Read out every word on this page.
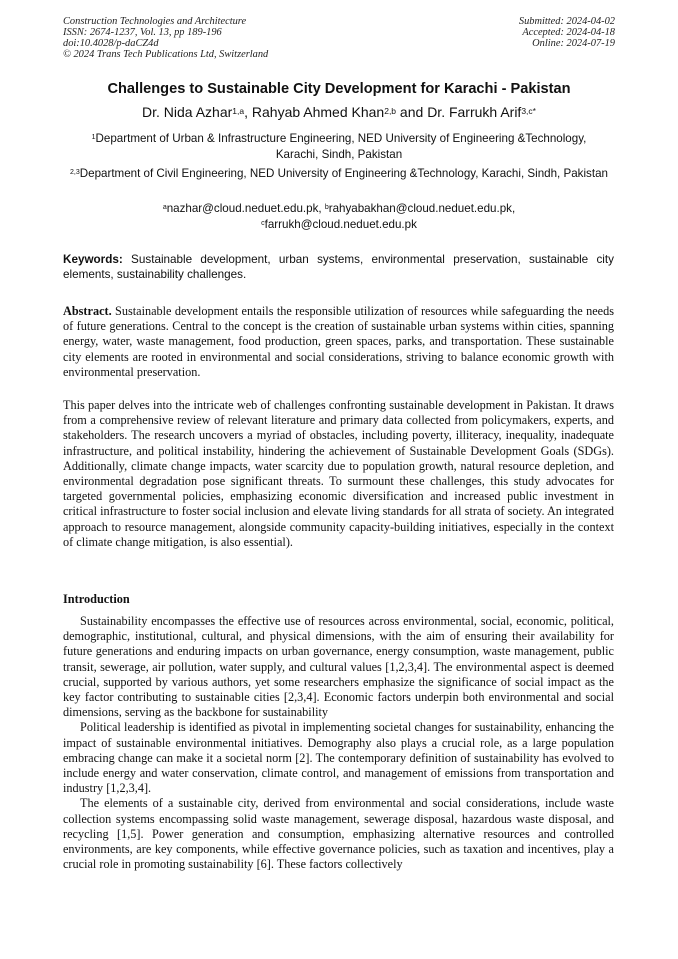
Construction Technologies and Architecture
ISSN: 2674-1237, Vol. 13, pp 189-196
doi:10.4028/p-daCZ4d
© 2024 Trans Tech Publications Ltd, Switzerland
Submitted: 2024-04-02
Accepted: 2024-04-18
Online: 2024-07-19
Challenges to Sustainable City Development for Karachi - Pakistan
Dr. Nida Azhar$^{1,a}$, Rahyab Ahmed Khan$^{2,b}$ and Dr. Farrukh Arif$^{3,c*}$
$^1$Department of Urban & Infrastructure Engineering, NED University of Engineering &Technology, Karachi, Sindh, Pakistan
$^{2,3}$Department of Civil Engineering, NED University of Engineering &Technology, Karachi, Sindh, Pakistan
$^a$nazhar@cloud.neduet.edu.pk, $^b$rahyabakhan@cloud.neduet.edu.pk,
$^c$farrukh@cloud.neduet.edu.pk
Keywords: Sustainable development, urban systems, environmental preservation, sustainable city elements, sustainability challenges.

Abstract. Sustainable development entails the responsible utilization of resources while safeguarding the needs of future generations. Central to the concept is the creation of sustainable urban systems within cities, spanning energy, water, waste management, food production, green spaces, parks, and transportation. These sustainable city elements are rooted in environmental and social considerations, striving to balance economic growth with environmental preservation.

This paper delves into the intricate web of challenges confronting sustainable development in Pakistan. It draws from a comprehensive review of relevant literature and primary data collected from policymakers, experts, and stakeholders. The research uncovers a myriad of obstacles, including poverty, illiteracy, inequality, inadequate infrastructure, and political instability, hindering the achievement of Sustainable Development Goals (SDGs). Additionally, climate change impacts, water scarcity due to population growth, natural resource depletion, and environmental degradation pose significant threats. To surmount these challenges, this study advocates for targeted governmental policies, emphasizing economic diversification and increased public investment in critical infrastructure to foster social inclusion and elevate living standards for all strata of society. An integrated approach to resource management, alongside community capacity-building initiatives, especially in the context of climate change mitigation, is also essential).

Introduction

Sustainability encompasses the effective use of resources across environmental, social, economic, political, demographic, institutional, cultural, and physical dimensions, with the aim of ensuring their availability for future generations and enduring impacts on urban governance, energy consumption, waste management, public transit, sewerage, air pollution, water supply, and cultural values [1,2,3,4]. The environmental aspect is deemed crucial, supported by various authors, yet some researchers emphasize the significance of social impact as the key factor contributing to sustainable cities [2,3,4]. Economic factors underpin both environmental and social dimensions, serving as the backbone for sustainability

Political leadership is identified as pivotal in implementing societal changes for sustainability, enhancing the impact of sustainable environmental initiatives. Demography also plays a crucial role, as a large population embracing change can make it a societal norm [2]. The contemporary definition of sustainability has evolved to include energy and water conservation, climate control, and management of emissions from transportation and industry [1,2,3,4].

The elements of a sustainable city, derived from environmental and social considerations, include waste collection systems encompassing solid waste management, sewerage disposal, hazardous waste disposal, and recycling [1,5]. Power generation and consumption, emphasizing alternative resources and controlled environments, are key components, while effective governance policies, such as taxation and incentives, play a crucial role in promoting sustainability [6]. These factors collectively
